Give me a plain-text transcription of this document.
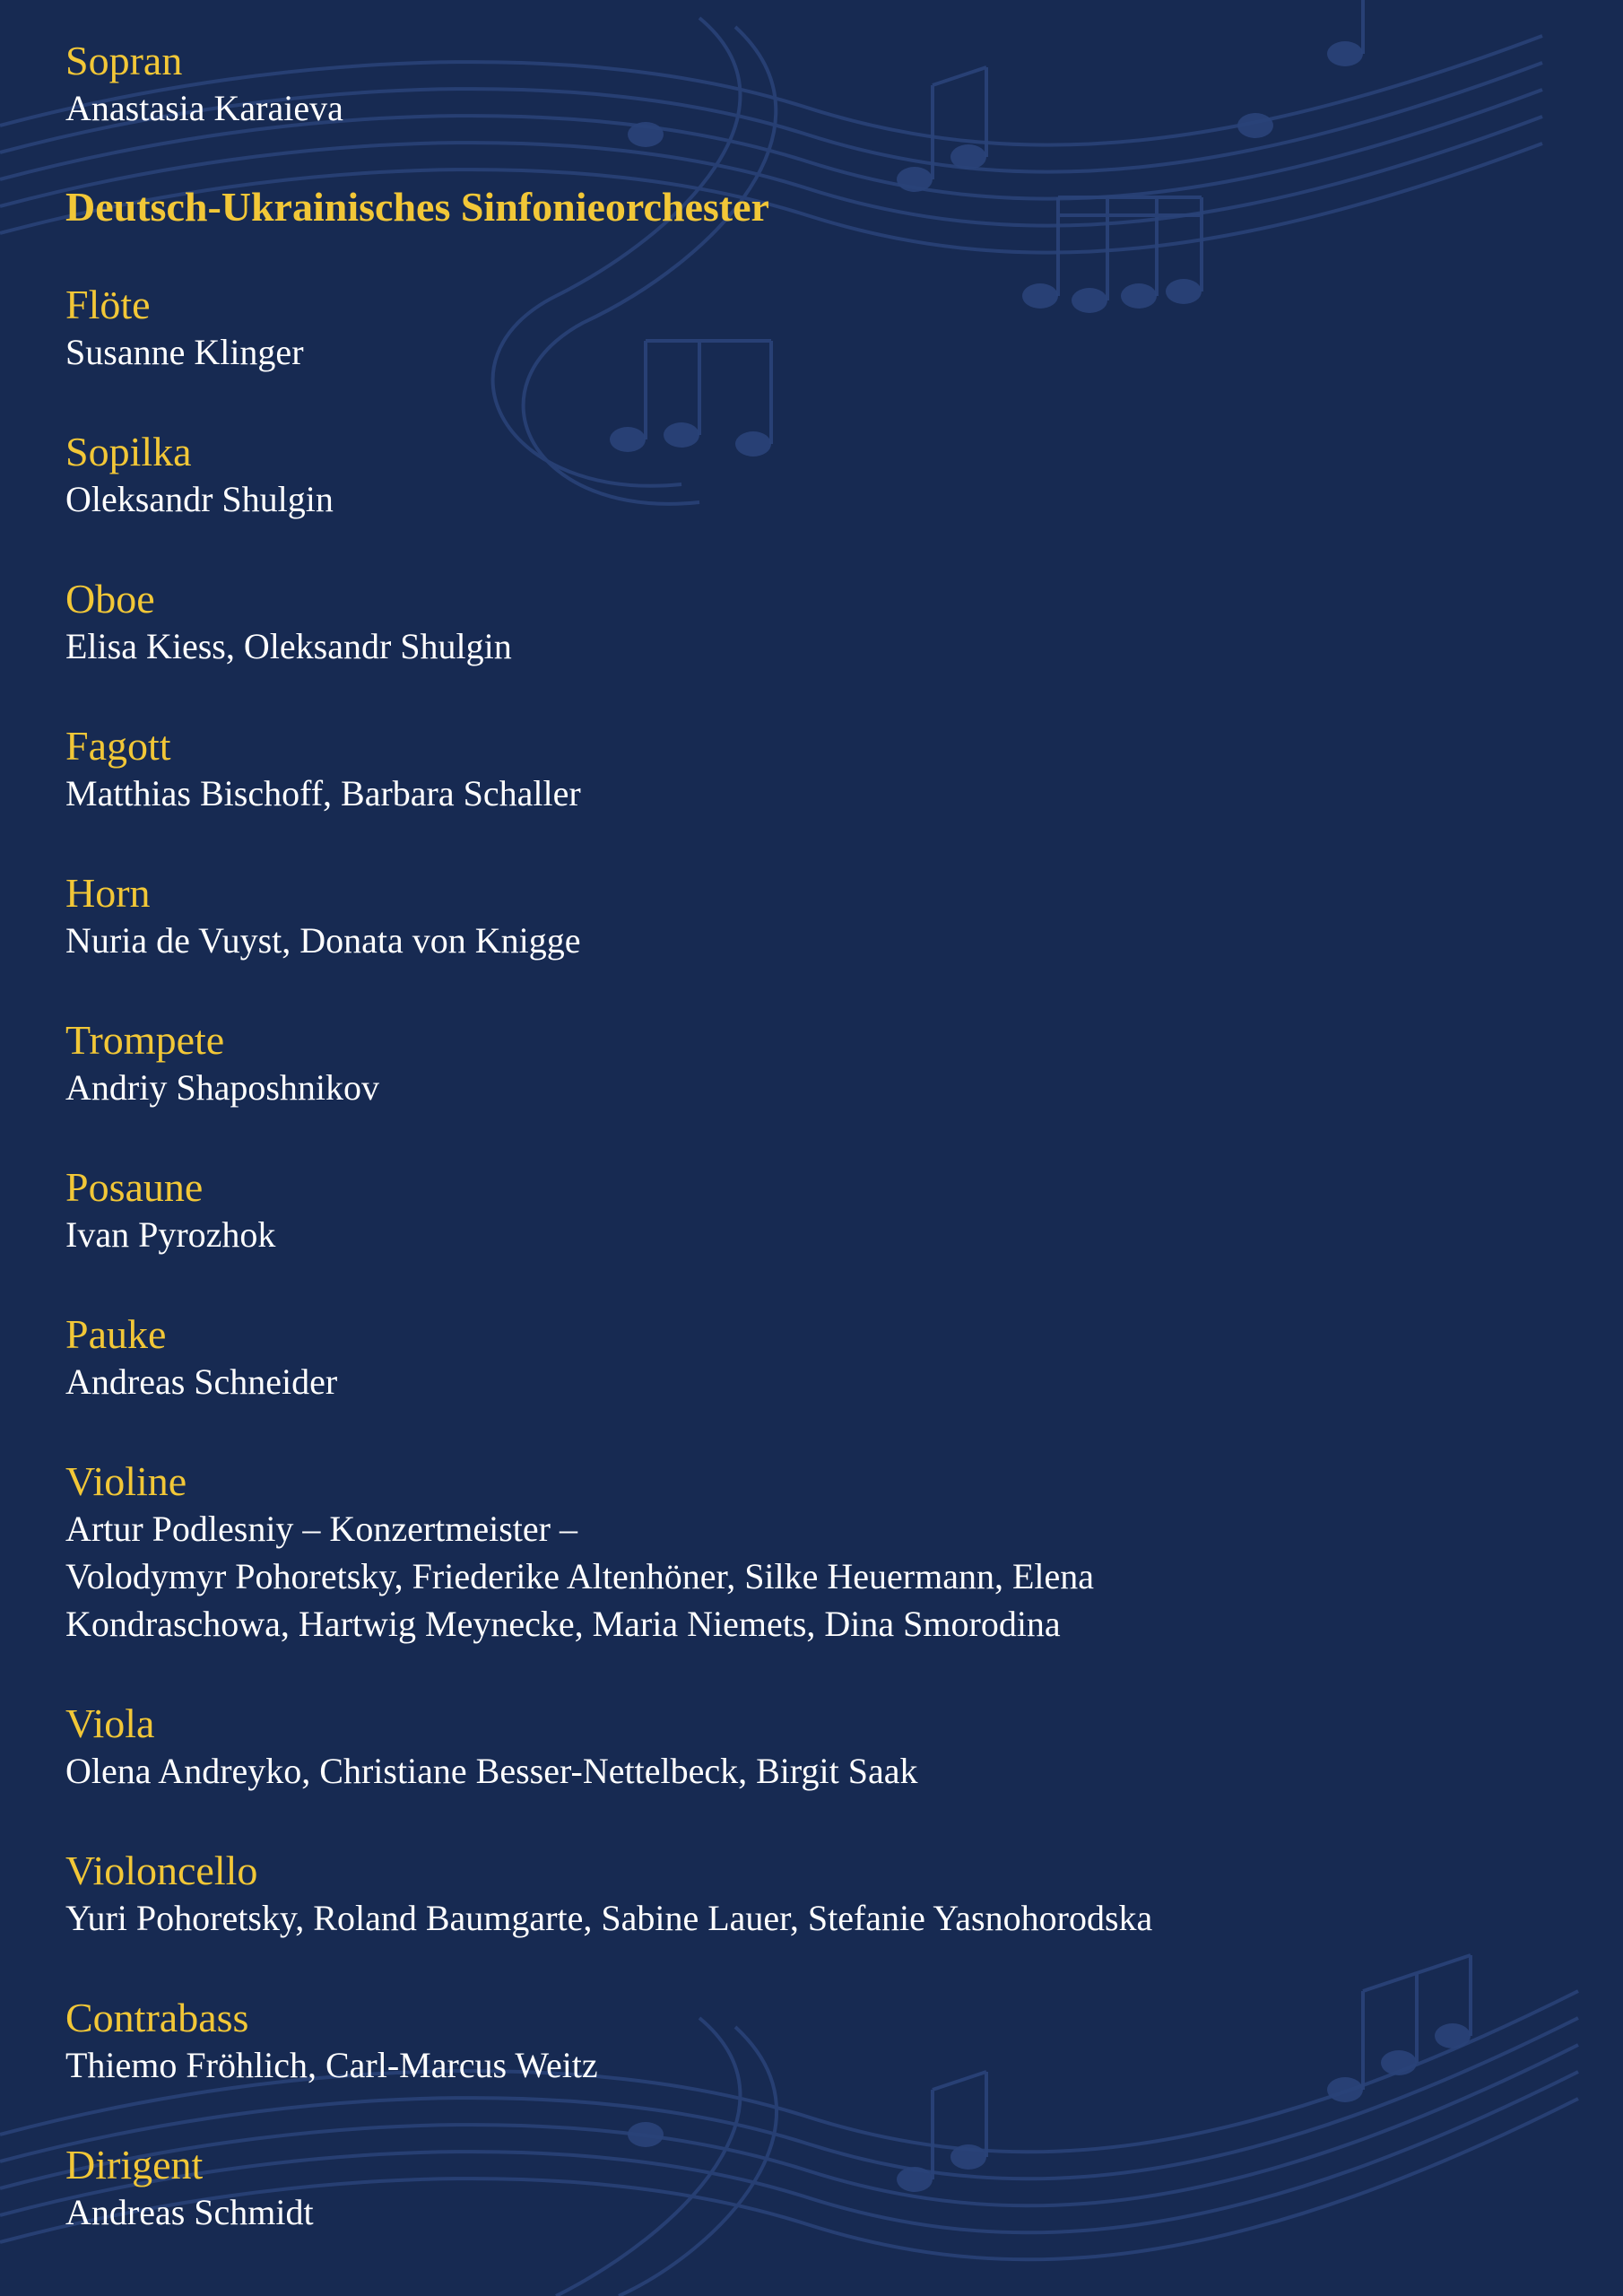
Sopran

Anastasia Karaieva

Deutsch-Ukrainisches Sinfonieorchester
Flöte

Susanne Klinger

Sopilka

Oleksandr Shulgin

Oboe

Elisa Kiess, Oleksandr Shulgin

Fagott

Matthias Bischoff, Barbara Schaller

Horn

Nuria de Vuyst, Donata von Knigge

Trompete

Andriy Shaposhnikov

Posaune

Ivan Pyrozhok

Pauke

Andreas Schneider

Violine

Artur Podlesniy – Konzertmeister –
Volodymyr Pohoretsky, Friederike Altenhöner, Silke Heuermann, Elena
Kondraschowa, Hartwig Meynecke, Maria Niemets, Dina Smorodina

Viola

Olena Andreyko, Christiane Besser-Nettelbeck, Birgit Saak

Violoncello

Yuri Pohoretsky, Roland Baumgarte, Sabine Lauer, Stefanie Yasnohorodska

Contrabass

Thiemo Fröhlich, Carl-Marcus Weitz

Dirigent

Andreas Schmidt
